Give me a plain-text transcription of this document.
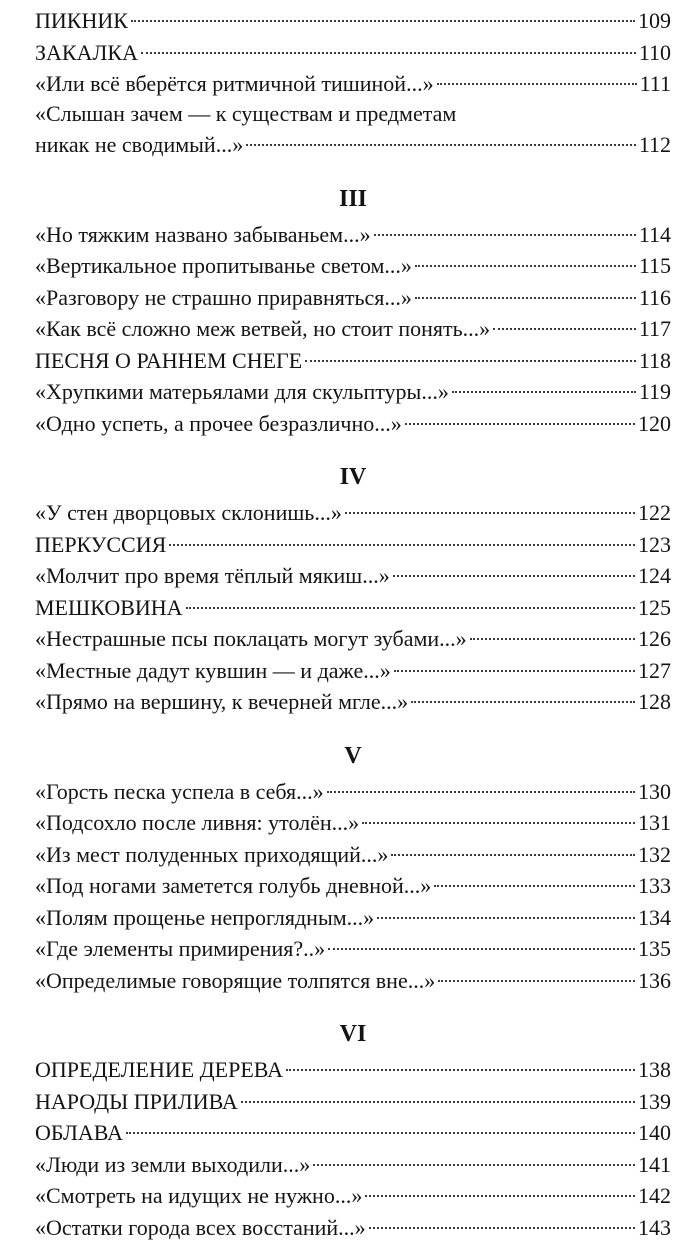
ПИКНИК	109
ЗАКАЛКА	110
«Или всё вберётся ритмичной тишиной...»	111
«Слышан зачем — к существам и предметам
никак не сводимый...»	112
III
«Но тяжким названо забываньем...»	114
«Вертикальное пропитыванье светом...»	115
«Разговору не страшно приравняться...»	116
«Как всё сложно меж ветвей, но стоит понять...»	117
ПЕСНЯ О РАННЕМ СНЕГЕ	118
«Хрупкими матерьялами для скульптуры...»	119
«Одно успеть, а прочее безразлично...»	120
IV
«У стен дворцовых склонишь...»	122
ПЕРКУССИЯ	123
«Молчит про время тёплый мякиш...»	124
МЕШКОВИНА	125
«Нестрашные псы поклацать могут зубами...»	126
«Местные дадут кувшин — и даже...»	127
«Прямо на вершину, к вечерней мгле...»	128
V
«Горсть песка успела в себя...»	130
«Подсохло после ливня: утолён...»	131
«Из мест полуденных приходящий...»	132
«Под ногами заметется голубь дневной...»	133
«Полям прощенье непроглядным...»	134
«Где элементы примирения?..»	135
«Определимые говорящие толпятся вне...»	136
VI
ОПРЕДЕЛЕНИЕ ДЕРЕВА	138
НАРОДЫ ПРИЛИВА	139
ОБЛАВА	140
«Люди из земли выходили...»	141
«Смотреть на идущих не нужно...»	142
«Остатки города всех восстаний...»	143
